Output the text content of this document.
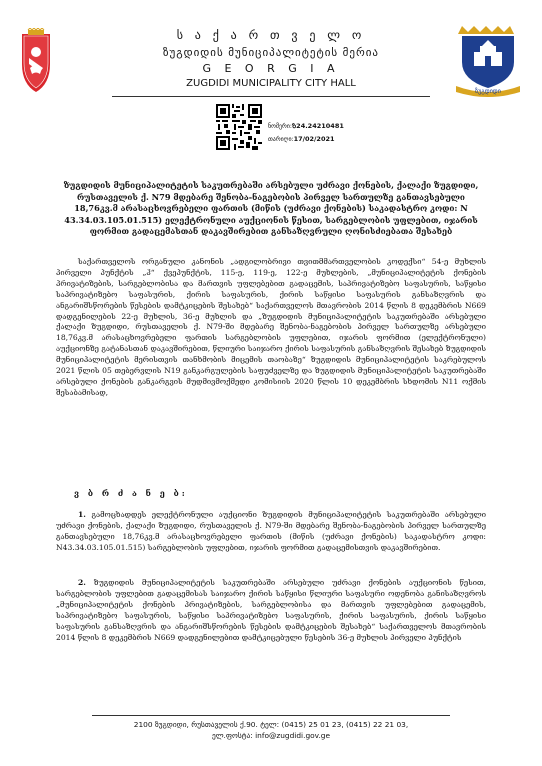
ს ა ქ ა რ თ ვ ე ლ ო
ზუგდიდის მუნიციპალიტეტის მერია
G E O R G I A
ZUGDIDI MUNICIPALITY CITY HALL
ზუგდიდი
ნომერი:Ზ24.24210481
თარიღი:17/02/2021
ზუგდიდის მუნიციპალიტეტის საკუთრებაში არსებული უძრავი ქონების, ქალაქი ზუგდიდი, რუსთაველის ქ. N79 მდებარე შენობა-ნაგებობის პირველ სართულზე განთავსებული 18,76კვ.მ არასაცხოვრებელი ფართის (მიწის (უძრავი ქონების) საკადასტრო კოდი: N 43.34.03.105.01.515) ელექტრონული აუქციონის წესით, სარგებლობის უფლებით, იჯარის ფორმით გადაცემასთან დაკავშირებით განსაზღვრული ღონისძიებათა შესახებ
საქართველოს ორგანული კანონის „ადგილობრივი თვითმმართველობის კოდექსი“ 54-ე მუხლის პირველი პუნქტის „ჰ“ ქვეპუნქტის, 115-ე, 119-ე, 122-ე მუხლების, „მუნიციპალიტეტის ქონების პრივატიზების, სარგებლობისა და მართვის უფლებებით გადაცემის, საპრივატიზებო საფასურის, საწყისი საპრივატიზებო საფასურის, ქირის საფასურის, ქირის საწყისი საფასურის განსაზღვრის და ანგარიშსწორების წესების დამტკიცების შესახებ“ საქართველოს მთავრობის 2014 წლის 8 დეკემბრის N669 დადგენილების 22-ე მუხლის, 36-ე მუხლის და „ზუგდიდის მუნიციპალიტეტის საკუთრებაში არსებული ქალაქი ზუგდიდი, რუსთაველის ქ. N79-ში მდებარე შენობა-ნაგებობის პირველ სართულზე არსებული 18,76კვ.მ არასაცხოვრებელი ფართის სარგებლობის უფლებით, იჯარის ფორმით (ელექტრონული) აუქციონზე გატანასთან დაკავშირებით, წლიური საიჯარო ქირის საფასურის განსაზღვრის შესახებ ზუგდიდის მუნიციპალიტეტის მერისთვის თანხმობის მიცემის თაობაზე“ ზუგდიდის მუნიციპალიტეტის საკრებულოს 2021 წლის 05 თებერვლის N19 განკარგულების საფუძველზე და ზუგდიდის მუნიციპალიტეტის საკუთრებაში არსებული ქონების განკარგვის მუდმივმოქმედი კომისიის 2020 წლის 10 დეკემბრის სხდომის N11 ოქმის შესაბამისად,
ვ ბ რ ძ ა ნ ე ბ:
1. გამოცხადდეს ელექტრონული აუქციონი ზუგდიდის მუნიციპალიტეტის საკუთრებაში არსებული უძრავი ქონების, ქალაქი ზუგდიდი, რუსთაველის ქ. N79-ში მდებარე შენობა-ნაგებობის პირველ სართულზე განთავსებული 18,76კვ.მ არასაცხოვრებელი ფართის (მიწის (უძრავი ქონების) საკადასტრო კოდი: N43.34.03.105.01.515) სარგებლობის უფლებით, იჯარის ფორმით გადაცემისთვის დაკავშირებით.
2. ზუგდიდის მუნიციპალიტეტის საკუთრებაში არსებული უძრავი ქონების აუქციონის წესით, სარგებლობის უფლებით გადაცემისას საიჯარო ქირის საწყისი წლიური საფასური ოდენობა განისაზღვროს „მუნიციპალიტეტის ქონების პრივატიზების, სარგებლობისა და მართვის უფლებებით გადაცემის, საპრივატიზებო საფასურის, საწყისი საპრივატიზებო საფასურის, ქირის საფასურის, ქირის საწყისი საფასურის განსაზღვრის და ანგარიშსწორების წესების დამტკიცების შესახებ“ საქართველოს მთავრობის 2014 წლის 8 დეკემბრის N669 დადგენილებით დამტკიცებული წესების 36-ე მუხლის პირველი პუნქტის
2100 ზუგდიდი, რუსთაველის ქ.90. ტელ: (0415) 25 01 23, (0415) 22 21 03,
ელ.ფოსტა: info@zugdidi.gov.ge
